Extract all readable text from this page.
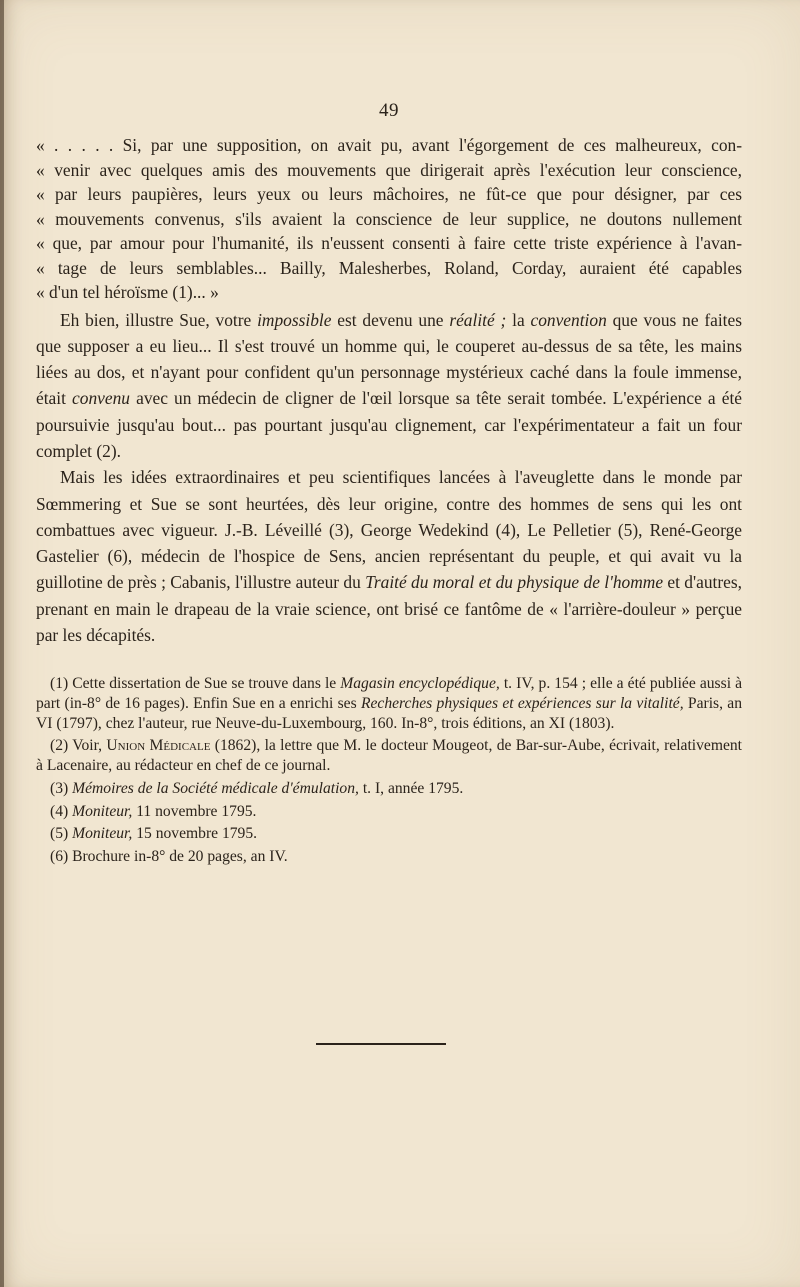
49
« . . . . . Si, par une supposition, on avait pu, avant l'égorgement de ces malheureux, con-
« venir avec quelques amis des mouvements que dirigerait après l'exécution leur conscience,
« par leurs paupières, leurs yeux ou leurs mâchoires, ne fût-ce que pour désigner, par ces
« mouvements convenus, s'ils avaient la conscience de leur supplice, ne doutons nullement
« que, par amour pour l'humanité, ils n'eussent consenti à faire cette triste expérience à l'avan-
« tage de leurs semblables... Bailly, Malesherbes, Roland, Corday, auraient été capables
« d'un tel héroïsme (1)... »

Eh bien, illustre Sue, votre impossible est devenu une réalité ; la convention que vous ne faites que supposer a eu lieu... Il s'est trouvé un homme qui, le couperet au-dessus de sa tête, les mains liées au dos, et n'ayant pour confident qu'un personnage mystérieux caché dans la foule immense, était convenu avec un médecin de cligner de l'œil lorsque sa tête serait tombée. L'expérience a été poursuivie jusqu'au bout... pas pourtant jusqu'au clignement, car l'expérimentateur a fait un four complet (2).

Mais les idées extraordinaires et peu scientifiques lancées à l'aveuglette dans le monde par Sœmmering et Sue se sont heurtées, dès leur origine, contre des hommes de sens qui les ont combattues avec vigueur. J.-B. Léveillé (3), George Wedekind (4), Le Pelletier (5), René-George Gastelier (6), médecin de l'hospice de Sens, ancien représentant du peuple, et qui avait vu la guillotine de près ; Cabanis, l'illustre auteur du Traité du moral et du physique de l'homme et d'autres, prenant en main le drapeau de la vraie science, ont brisé ce fantôme de « l'arrière-douleur » perçue par les décapités.

(1) Cette dissertation de Sue se trouve dans le Magasin encyclopédique, t. IV, p. 154 ; elle a été publiée aussi à part (in-8° de 16 pages). Enfin Sue en a enrichi ses Recherches physiques et expériences sur la vitalité, Paris, an VI (1797), chez l'auteur, rue Neuve-du-Luxembourg, 160. In-8°, trois éditions, an XI (1803).

(2) Voir, Union Médicale (1862), la lettre que M. le docteur Mougeot, de Bar-sur-Aube, écrivait, relativement à Lacenaire, au rédacteur en chef de ce journal.

(3) Mémoires de la Société médicale d'émulation, t. I, année 1795.

(4) Moniteur, 11 novembre 1795.

(5) Moniteur, 15 novembre 1795.

(6) Brochure in-8° de 20 pages, an IV.
